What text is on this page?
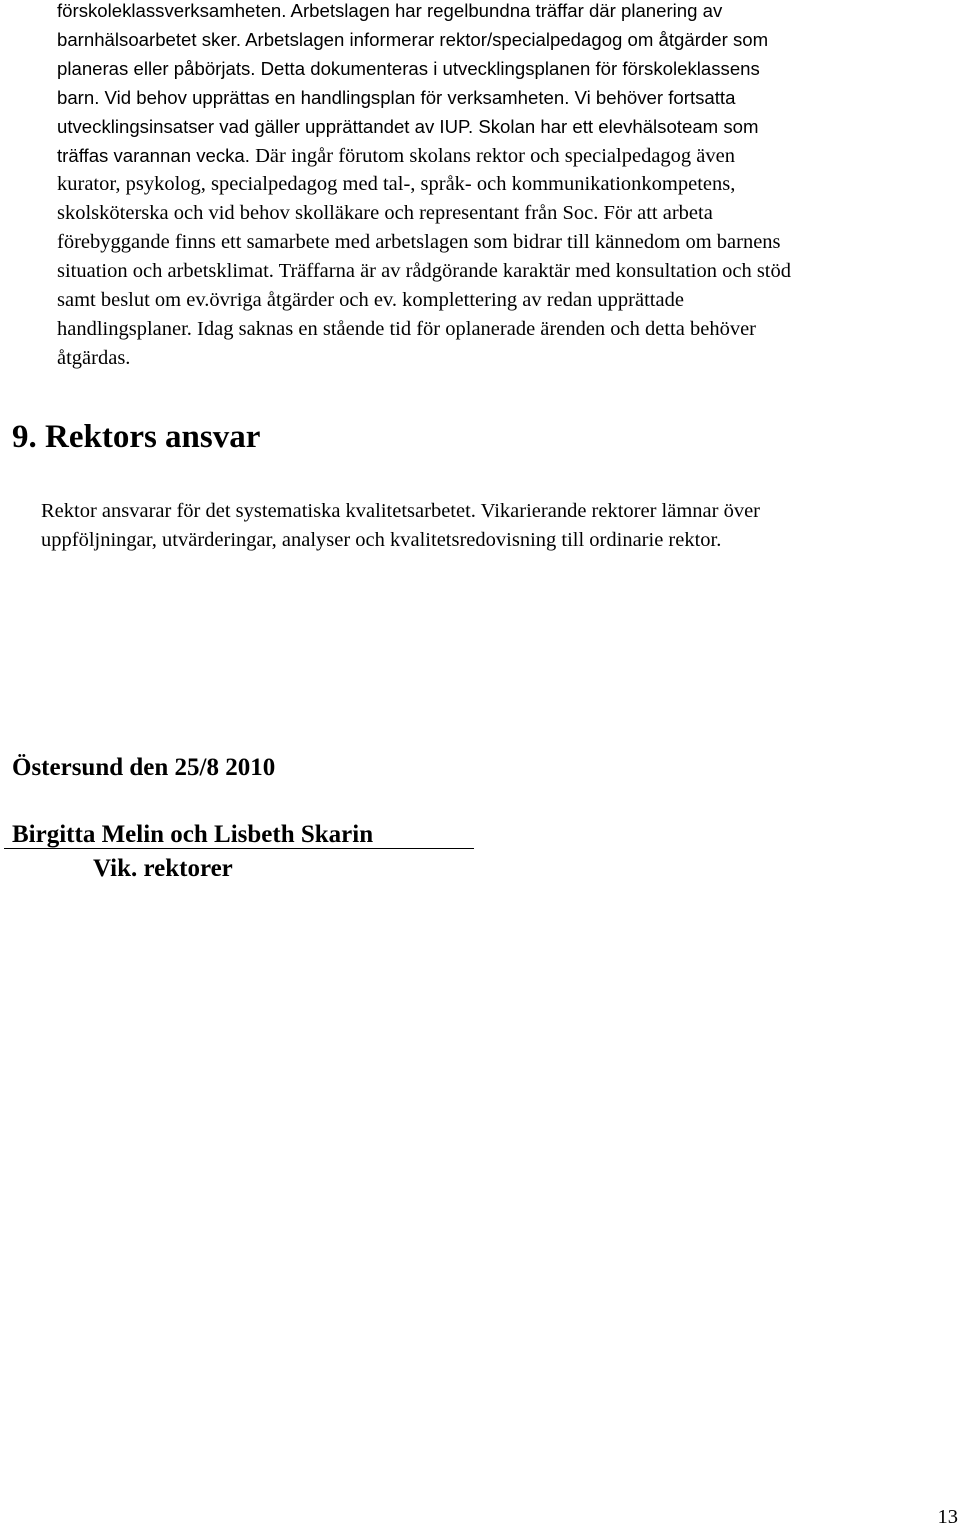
förskoleklassverksamheten. Arbetslagen har regelbundna träffar där planering av
barnhälsoarbetet sker. Arbetslagen informerar rektor/specialpedagog om åtgärder som
planeras eller påbörjats. Detta dokumenteras i utvecklingsplanen för förskoleklassens
barn. Vid behov upprättas en handlingsplan för verksamheten. Vi behöver fortsatta
utvecklingsinsatser vad gäller upprättandet av IUP. Skolan har ett elevhälsoteam som
träffas varannan vecka. Där ingår förutom skolans rektor och specialpedagog även
kurator, psykolog, specialpedagog med tal-, språk- och kommunikationkompetens,
skolsköterska och vid behov skolläkare och representant från Soc. För att arbeta
förebyggande finns ett samarbete med arbetslagen som bidrar till kännedom om barnens
situation och arbetsklimat. Träffarna är av rådgörande karaktär med konsultation och stöd
samt beslut om ev.övriga åtgärder och ev. komplettering av redan upprättade
handlingsplaner. Idag saknas en stående tid för oplanerade ärenden och detta behöver
åtgärdas.
9. Rektors ansvar
Rektor ansvarar för det systematiska kvalitetsarbetet. Vikarierande rektorer lämnar över
uppföljningar, utvärderingar, analyser och kvalitetsredovisning till ordinarie rektor.

Östersund den 25/8 2010

Birgitta Melin och Lisbeth Skarin

Vik. rektorer

13
